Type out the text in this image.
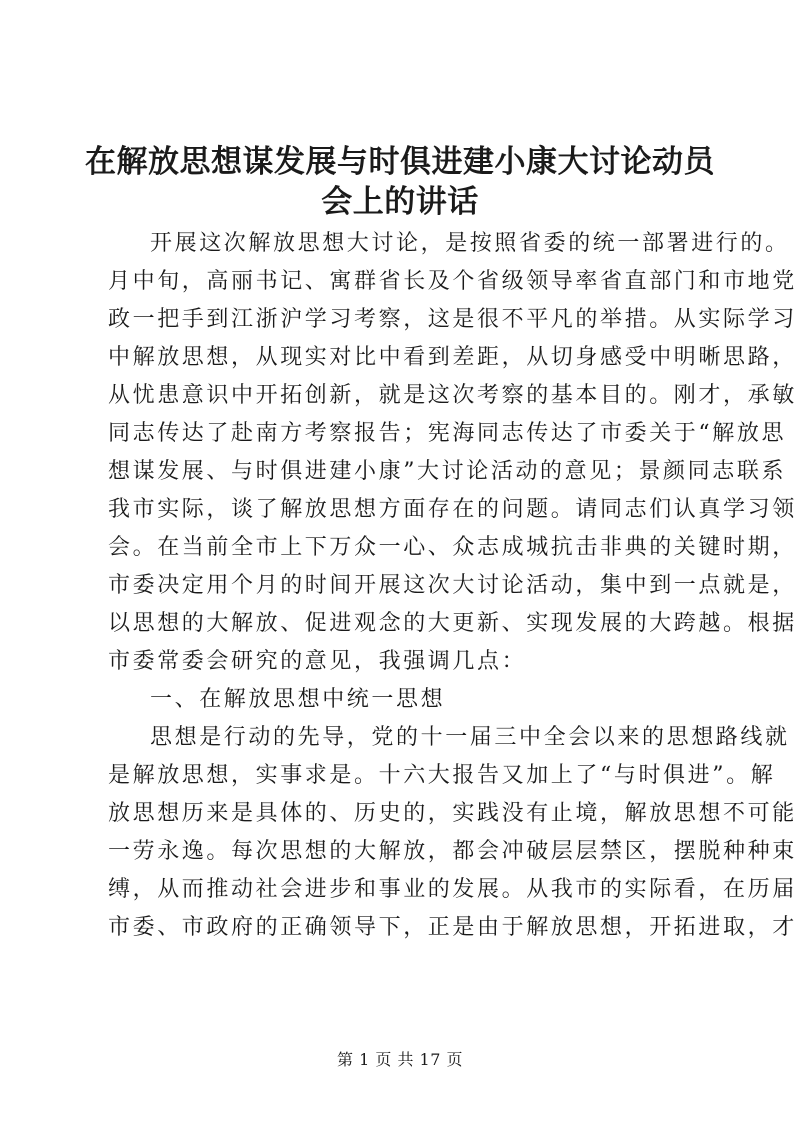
在解放思想谋发展与时俱进建小康大讨论动员
会上的讲话
开展这次解放思想大讨论，是按照省委的统一部署进行的。
月中旬，高丽书记、寓群省长及个省级领导率省直部门和市地党
政一把手到江浙沪学习考察，这是很不平凡的举措。从实际学习
中解放思想，从现实对比中看到差距，从切身感受中明晰思路，
从忧患意识中开拓创新，就是这次考察的基本目的。刚才，承敏
同志传达了赴南方考察报告；宪海同志传达了市委关于“解放思
想谋发展、与时俱进建小康”大讨论活动的意见；景颜同志联系
我市实际，谈了解放思想方面存在的问题。请同志们认真学习领
会。在当前全市上下万众一心、众志成城抗击非典的关键时期，
市委决定用个月的时间开展这次大讨论活动，集中到一点就是，
以思想的大解放、促进观念的大更新、实现发展的大跨越。根据
市委常委会研究的意见，我强调几点：
一、在解放思想中统一思想
思想是行动的先导，党的十一届三中全会以来的思想路线就
是解放思想，实事求是。十六大报告又加上了“与时俱进”。解
放思想历来是具体的、历史的，实践没有止境，解放思想不可能
一劳永逸。每次思想的大解放，都会冲破层层禁区，摆脱种种束
缚，从而推动社会进步和事业的发展。从我市的实际看，在历届
市委、市政府的正确领导下，正是由于解放思想，开拓进取，才
第 1 页 共 17 页
